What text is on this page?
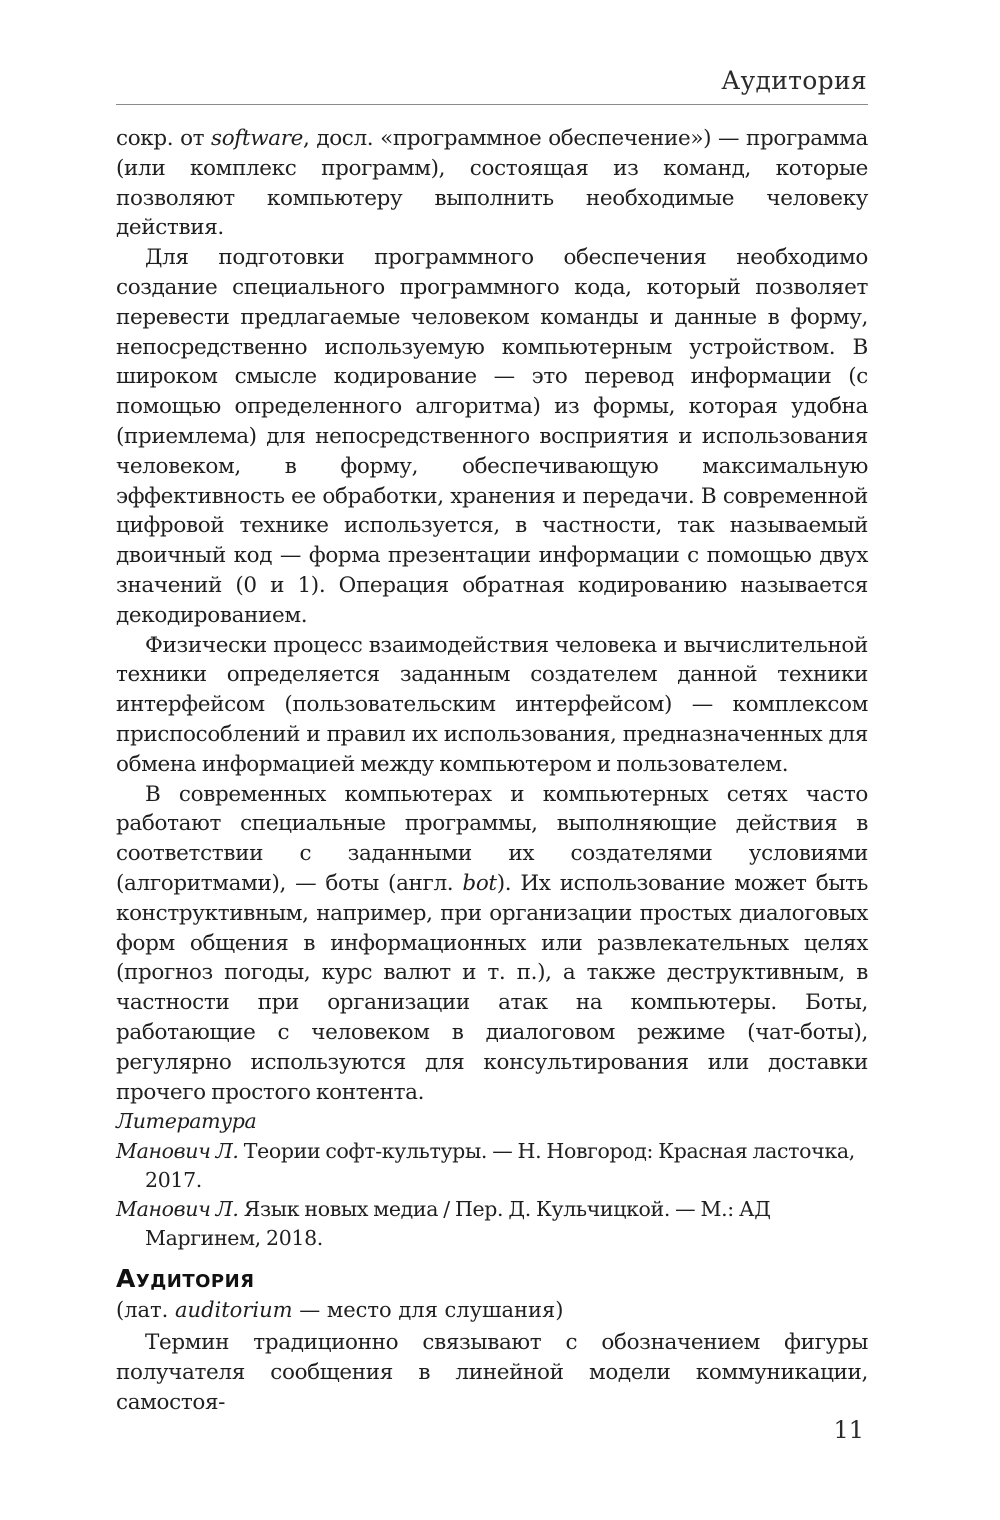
Аудитория

сокр. от software, досл. «программное обеспечение») — программа (или комплекс программ), состоящая из команд, которые позволяют компьютеру выполнить необходимые человеку действия.

Для подготовки программного обеспечения необходимо создание специального программного кода, который позволяет перевести предлагаемые человеком команды и данные в форму, непосредственно используемую компьютерным устройством. В широком смысле кодирование — это перевод информации (с помощью определенного алгоритма) из формы, которая удобна (приемлема) для непосредственного восприятия и использования человеком, в форму, обеспечивающую максимальную эффективность ее обработки, хранения и передачи. В современной цифровой технике используется, в частности, так называемый двоичный код — форма презентации информации с помощью двух значений (0 и 1). Операция обратная кодированию называется декодированием.

Физически процесс взаимодействия человека и вычислительной техники определяется заданным создателем данной техники интерфейсом (пользовательским интерфейсом) — комплексом приспособлений и правил их использования, предназначенных для обмена информацией между компьютером и пользователем.

В современных компьютерах и компьютерных сетях часто работают специальные программы, выполняющие действия в соответствии с заданными их создателями условиями (алгоритмами), — боты (англ. bot). Их использование может быть конструктивным, например, при организации простых диалоговых форм общения в информационных или развлекательных целях (прогноз погоды, курс валют и т. п.), а также деструктивным, в частности при организации атак на компьютеры. Боты, работающие с человеком в диалоговом режиме (чат-боты), регулярно используются для консультирования или доставки прочего простого контента.

Литература

Манович Л. Теории софт-культуры. — Н. Новгород: Красная ласточка, 2017.

Манович Л. Язык новых медиа / Пер. Д. Кульчицкой. — М.: АД Маргинем, 2018.

Аудитория
(лат. auditorium — место для слушания)

Термин традиционно связывают с обозначением фигуры получателя сообщения в линейной модели коммуникации, самостоя-

11
